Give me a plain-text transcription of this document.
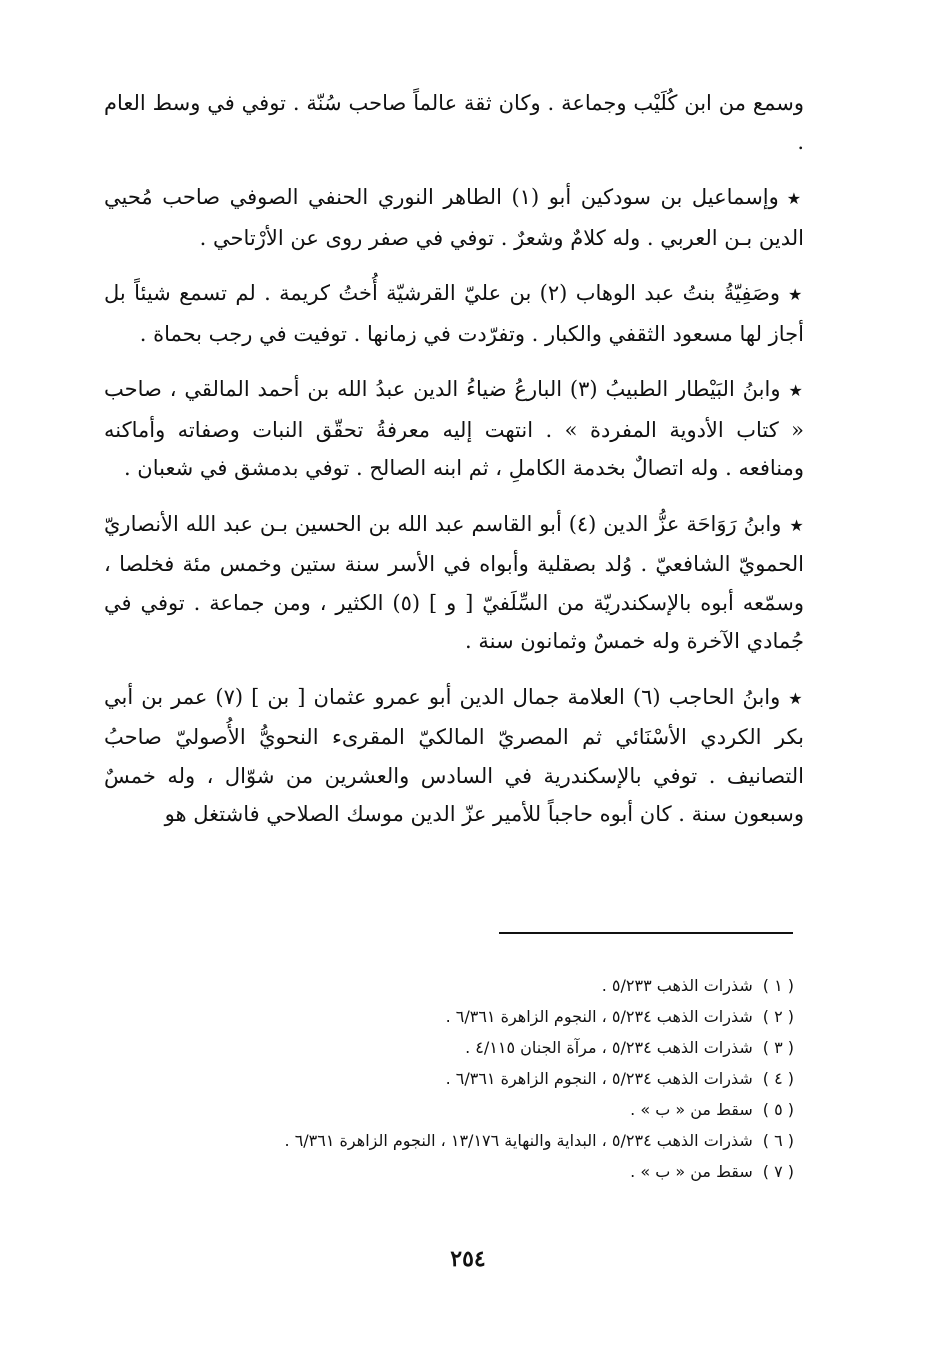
وسمع من ابن كُلَيْب وجماعة . وكان ثقة عالماً صاحب سُنّة . توفي في وسط العام .

★وإسماعيل بن سودكين أبو (١) الطاهر النوري الحنفي الصوفي صاحب مُحيي الدين بـن العربي . وله كلامٌ وشعرٌ . توفي في صفر روى عن الأرْتاحي .

★وصَفِيّةُ بنتُ عبد الوهاب (٢) بن عليّ القرشيّة أُختُ كريمة . لم تسمع شيئاً بل أجاز لها مسعود الثقفي والكبار . وتفرّدت في زمانها . توفيت في رجب بحماة .

★وابنُ البَيْطار الطبيبُ (٣) البارعُ ضياءُ الدين عبدُ الله بن أحمد المالقي ، صاحب « كتاب الأدوية المفردة » . انتهت إليه معرفةُ تحقّق النبات وصفاته وأماكنه ومنافعه . وله اتصالٌ بخدمة الكاملِ ، ثم ابنه الصالح . توفي بدمشق في شعبان .

★وابنُ رَوَاحَة عزُّ الدين (٤) أبو القاسم عبد الله بن الحسين بـن عبد الله الأنصاريّ الحمويّ الشافعيّ . وُلد بصقلية وأبواه في الأسر سنة ستين وخمس مئة فخلصا ، وسمّعه أبوه بالإسكندريّة من السِّلَفيّ [ و ] (٥) الكثير ، ومن جماعة . توفي في جُمادي الآخرة وله خمسٌ وثمانون سنة .

★وابنُ الحاجب (٦) العلامة جمال الدين أبو عمرو عثمان [ بن ] (٧) عمر بن أبي بكر الكردي الأسْنَائي ثم المصريّ المالكيّ المقرىء النحويُّ الأُصوليّ صاحبُ التصانيف . توفي بالإسكندرية في السادس والعشرين من شوّال ، وله خمسٌ وسبعون سنة . كان أبوه حاجباً للأمير عزّ الدين موسك الصلاحي فاشتغل هو

( ١ )شذرات الذهب ٥/٢٣٣ .
( ٢ )شذرات الذهب ٥/٢٣٤ ، النجوم الزاهرة ٦/٣٦١ .
( ٣ )شذرات الذهب ٥/٢٣٤ ، مرآة الجنان ٤/١١٥ .
( ٤ )شذرات الذهب ٥/٢٣٤ ، النجوم الزاهرة ٦/٣٦١ .
( ٥ )سقط من « ب » .
( ٦ )شذرات الذهب ٥/٢٣٤ ، البداية والنهاية ١٣/١٧٦ ، النجوم الزاهرة ٦/٣٦١ .
( ٧ )سقط من « ب » .
٢٥٤
